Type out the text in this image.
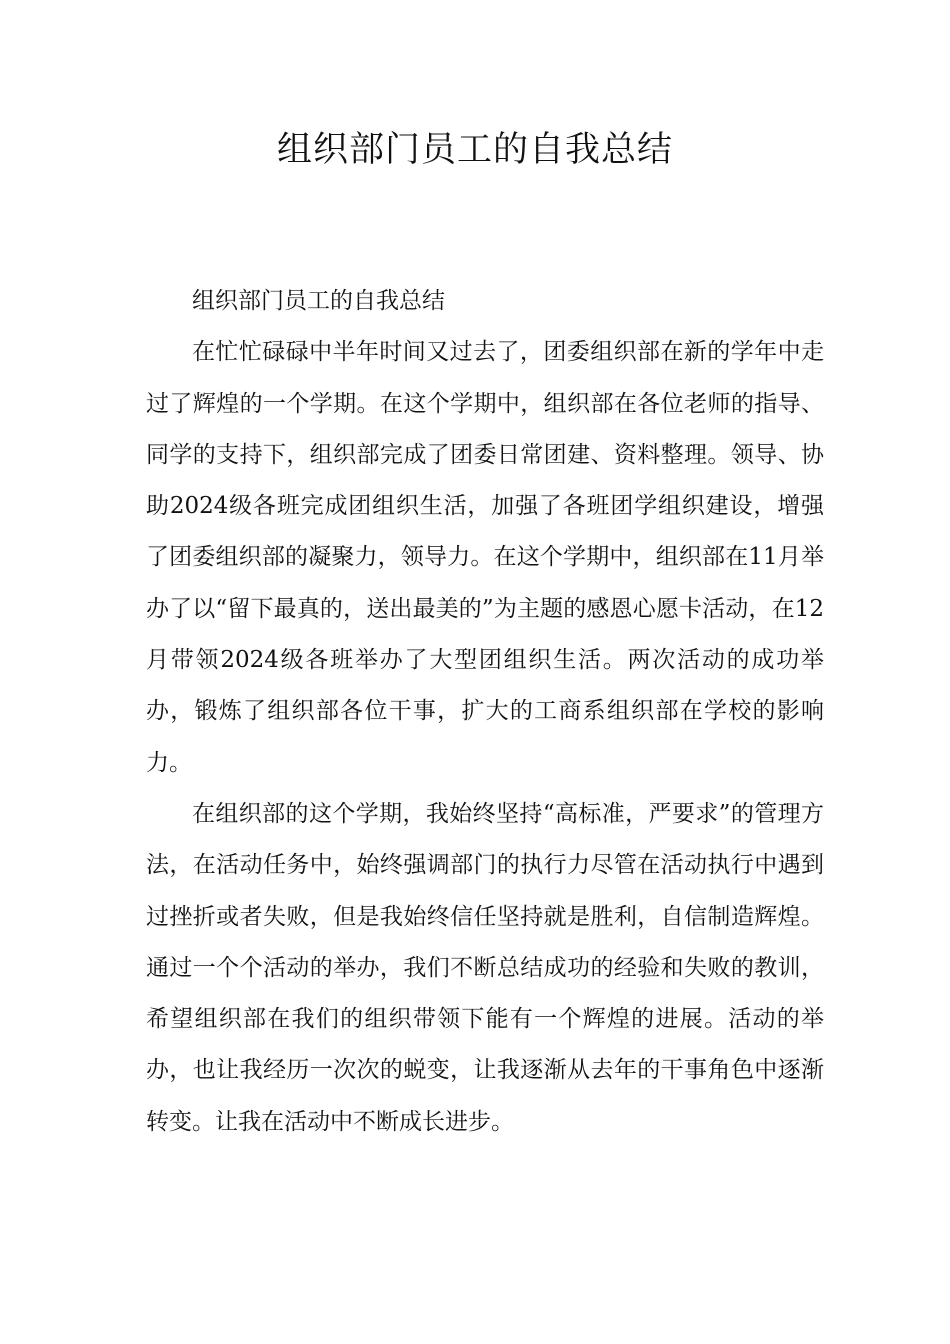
组织部门员工的自我总结

组织部门员工的自我总结

在忙忙碌碌中半年时间又过去了，团委组织部在新的学年中走过了辉煌的一个学期。在这个学期中，组织部在各位老师的指导、同学的支持下，组织部完成了团委日常团建、资料整理。领导、协助2024级各班完成团组织生活，加强了各班团学组织建设，增强了团委组织部的凝聚力，领导力。在这个学期中，组织部在11月举办了以“留下最真的，送出最美的”为主题的感恩心愿卡活动，在12月带领2024级各班举办了大型团组织生活。两次活动的成功举办，锻炼了组织部各位干事，扩大的工商系组织部在学校的影响力。

在组织部的这个学期，我始终坚持“高标准，严要求”的管理方法，在活动任务中，始终强调部门的执行力尽管在活动执行中遇到过挫折或者失败，但是我始终信任坚持就是胜利，自信制造辉煌。通过一个个活动的举办，我们不断总结成功的经验和失败的教训，希望组织部在我们的组织带领下能有一个辉煌的进展。活动的举办，也让我经历一次次的蜕变，让我逐渐从去年的干事角色中逐渐转变。让我在活动中不断成长进步。
